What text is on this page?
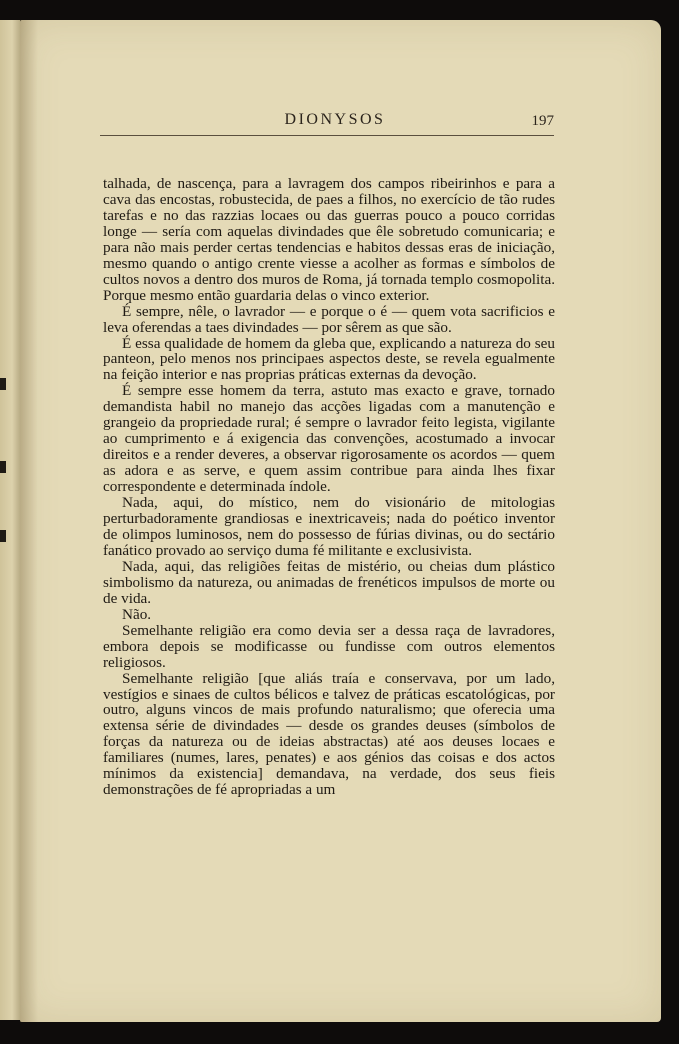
DIONYSOS	197

talhada, de nascença, para a lavragem dos campos ribeirinhos e para a cava das encostas, robustecida, de paes a filhos, no exercício de tão rudes tarefas e no das razzias locaes ou das guerras pouco a pouco corridas longe — sería com aquelas divindades que êle sobretudo comunicaria; e para não mais perder certas tendencias e habitos dessas eras de iniciação, mesmo quando o antigo crente viesse a acolher as formas e símbolos de cultos novos a dentro dos muros de Roma, já tornada templo cosmopolita. Porque mesmo então guardaria delas o vinco exterior.

É sempre, nêle, o lavrador — e porque o é — quem vota sacrificios e leva oferendas a taes divindades — por sêrem as que são.

É essa qualidade de homem da gleba que, explicando a natureza do seu panteon, pelo menos nos principaes aspectos deste, se revela egualmente na feição interior e nas proprias práticas externas da devoção.

É sempre esse homem da terra, astuto mas exacto e grave, tornado demandista habil no manejo das acções ligadas com a manutenção e grangeio da propriedade rural; é sempre o lavrador feito legista, vigilante ao cumprimento e á exigencia das convenções, acostumado a invocar direitos e a render deveres, a observar rigorosamente os acordos — quem as adora e as serve, e quem assim contribue para ainda lhes fixar correspondente e determinada índole.

Nada, aqui, do místico, nem do visionário de mitologias perturbadoramente grandiosas e inextricaveis; nada do poético inventor de olimpos luminosos, nem do possesso de fúrias divinas, ou do sectário fanático provado ao serviço duma fé militante e exclusivista.

Nada, aqui, das religiões feitas de mistério, ou cheias dum plástico simbolismo da natureza, ou animadas de frenéticos impulsos de morte ou de vida.

Não.

Semelhante religião era como devia ser a dessa raça de lavradores, embora depois se modificasse ou fundisse com outros elementos religiosos.

Semelhante religião [que aliás traía e conservava, por um lado, vestígios e sinaes de cultos bélicos e talvez de práticas escatológicas, por outro, alguns vincos de mais profundo naturalismo; que oferecia uma extensa série de divindades — desde os grandes deuses (símbolos de forças da natureza ou de ideias abstractas) até aos deuses locaes e familiares (numes, lares, penates) e aos génios das coisas e dos actos mínimos da existencia] demandava, na verdade, dos seus fieis demonstrações de fé apropriadas a um
